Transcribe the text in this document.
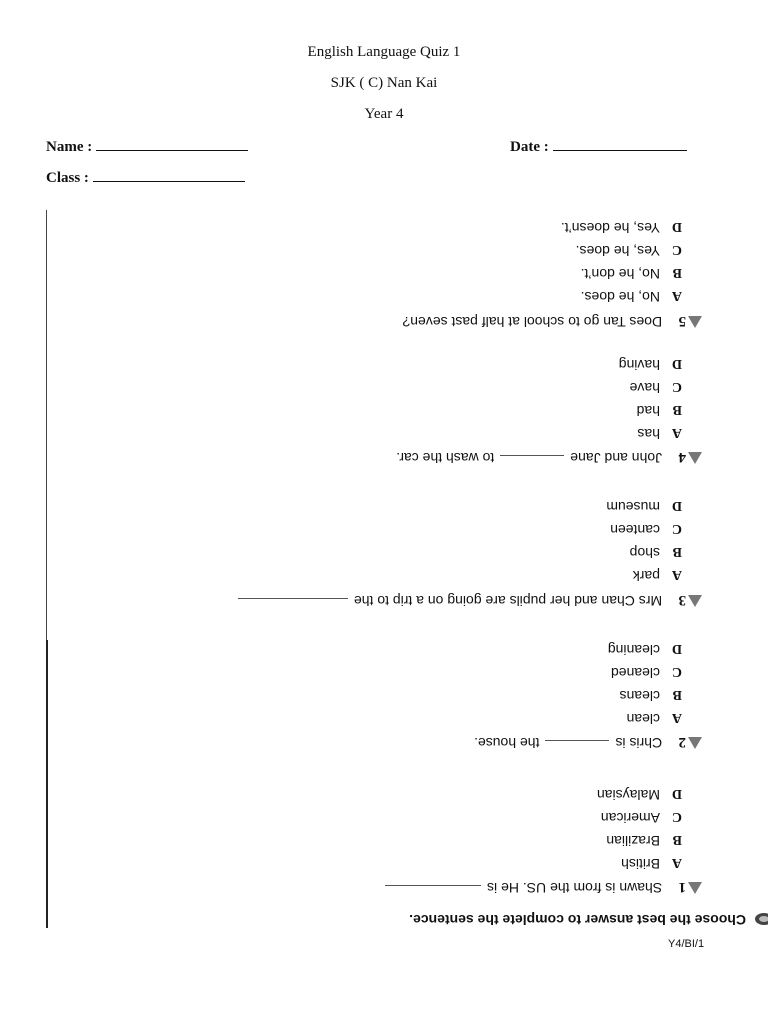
English Language Quiz 1
SJK ( C) Nan Kai
Year 4
Name :	Date :
Class :
Choose the best answer to complete the sentence.
1 Shawn is from the US. He is
ABritish
BBrazilian
CAmerican
DMalaysian
2 Chris isthe house.
Aclean
Bcleans
Ccleaned
Dcleaning
3 Mrs Chan and her pupils are going on a trip to the
Apark
Bshop
Ccanteen
Dmuseum
4 John and Janeto wash the car.
Ahas
Bhad
Chave
Dhaving
5 Does Tan go to school at half past seven?
ANo, he does.
BNo, he don’t.
CYes, he does.
DYes, he doesn’t.
Y4/BI/1
